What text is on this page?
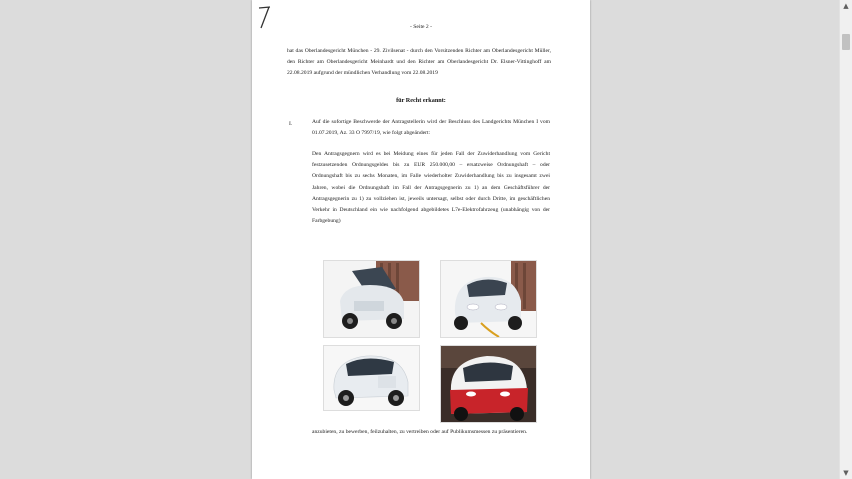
- Seite 2 -
hat das Oberlandesgericht München - 29. Zivilsenat - durch den Vorsitzenden Richter am Oberlandesgericht Müller, den Richter am Oberlandesgericht Meinhardt und den Richter am Oberlandesgericht Dr. Elsner-Vittinghoff am 22.08.2019 aufgrund der mündlichen Verhandlung vom 22.08.2019
für Recht erkannt:
I.	Auf die sofortige Beschwerde der Antragstellerin wird der Beschluss des Landgerichts München I vom 01.07.2019, Az. 33 O 7997/19, wie folgt abgeändert:
Den Antragsgegnern wird es bei Meidung eines für jeden Fall der Zuwiderhandlung vom Gericht festzusetzenden Ordnungsgeldes bis zu EUR 250.000,00 – ersatzweise Ordnungshaft – oder Ordnungshaft bis zu sechs Monaten, im Falle wiederholter Zuwiderhandlung bis zu insgesamt zwei Jahren, wobei die Ordnungshaft im Fall der Antragsgegnerin zu 1) an dem Geschäftsführer der Antragsgegnerin zu 1) zu vollziehen ist, jeweils untersagt, selbst oder durch Dritte, im geschäftlichen Verkehr in Deutschland ein wie nachfolgend abgebildetes L7e-Elektrofahrzeug (unabhängig von der Farbgebung)
anzubieten, zu bewerben, feilzuhalten, zu vertreiben oder auf Publikumsmessen zu präsentieren.
▲
▼
